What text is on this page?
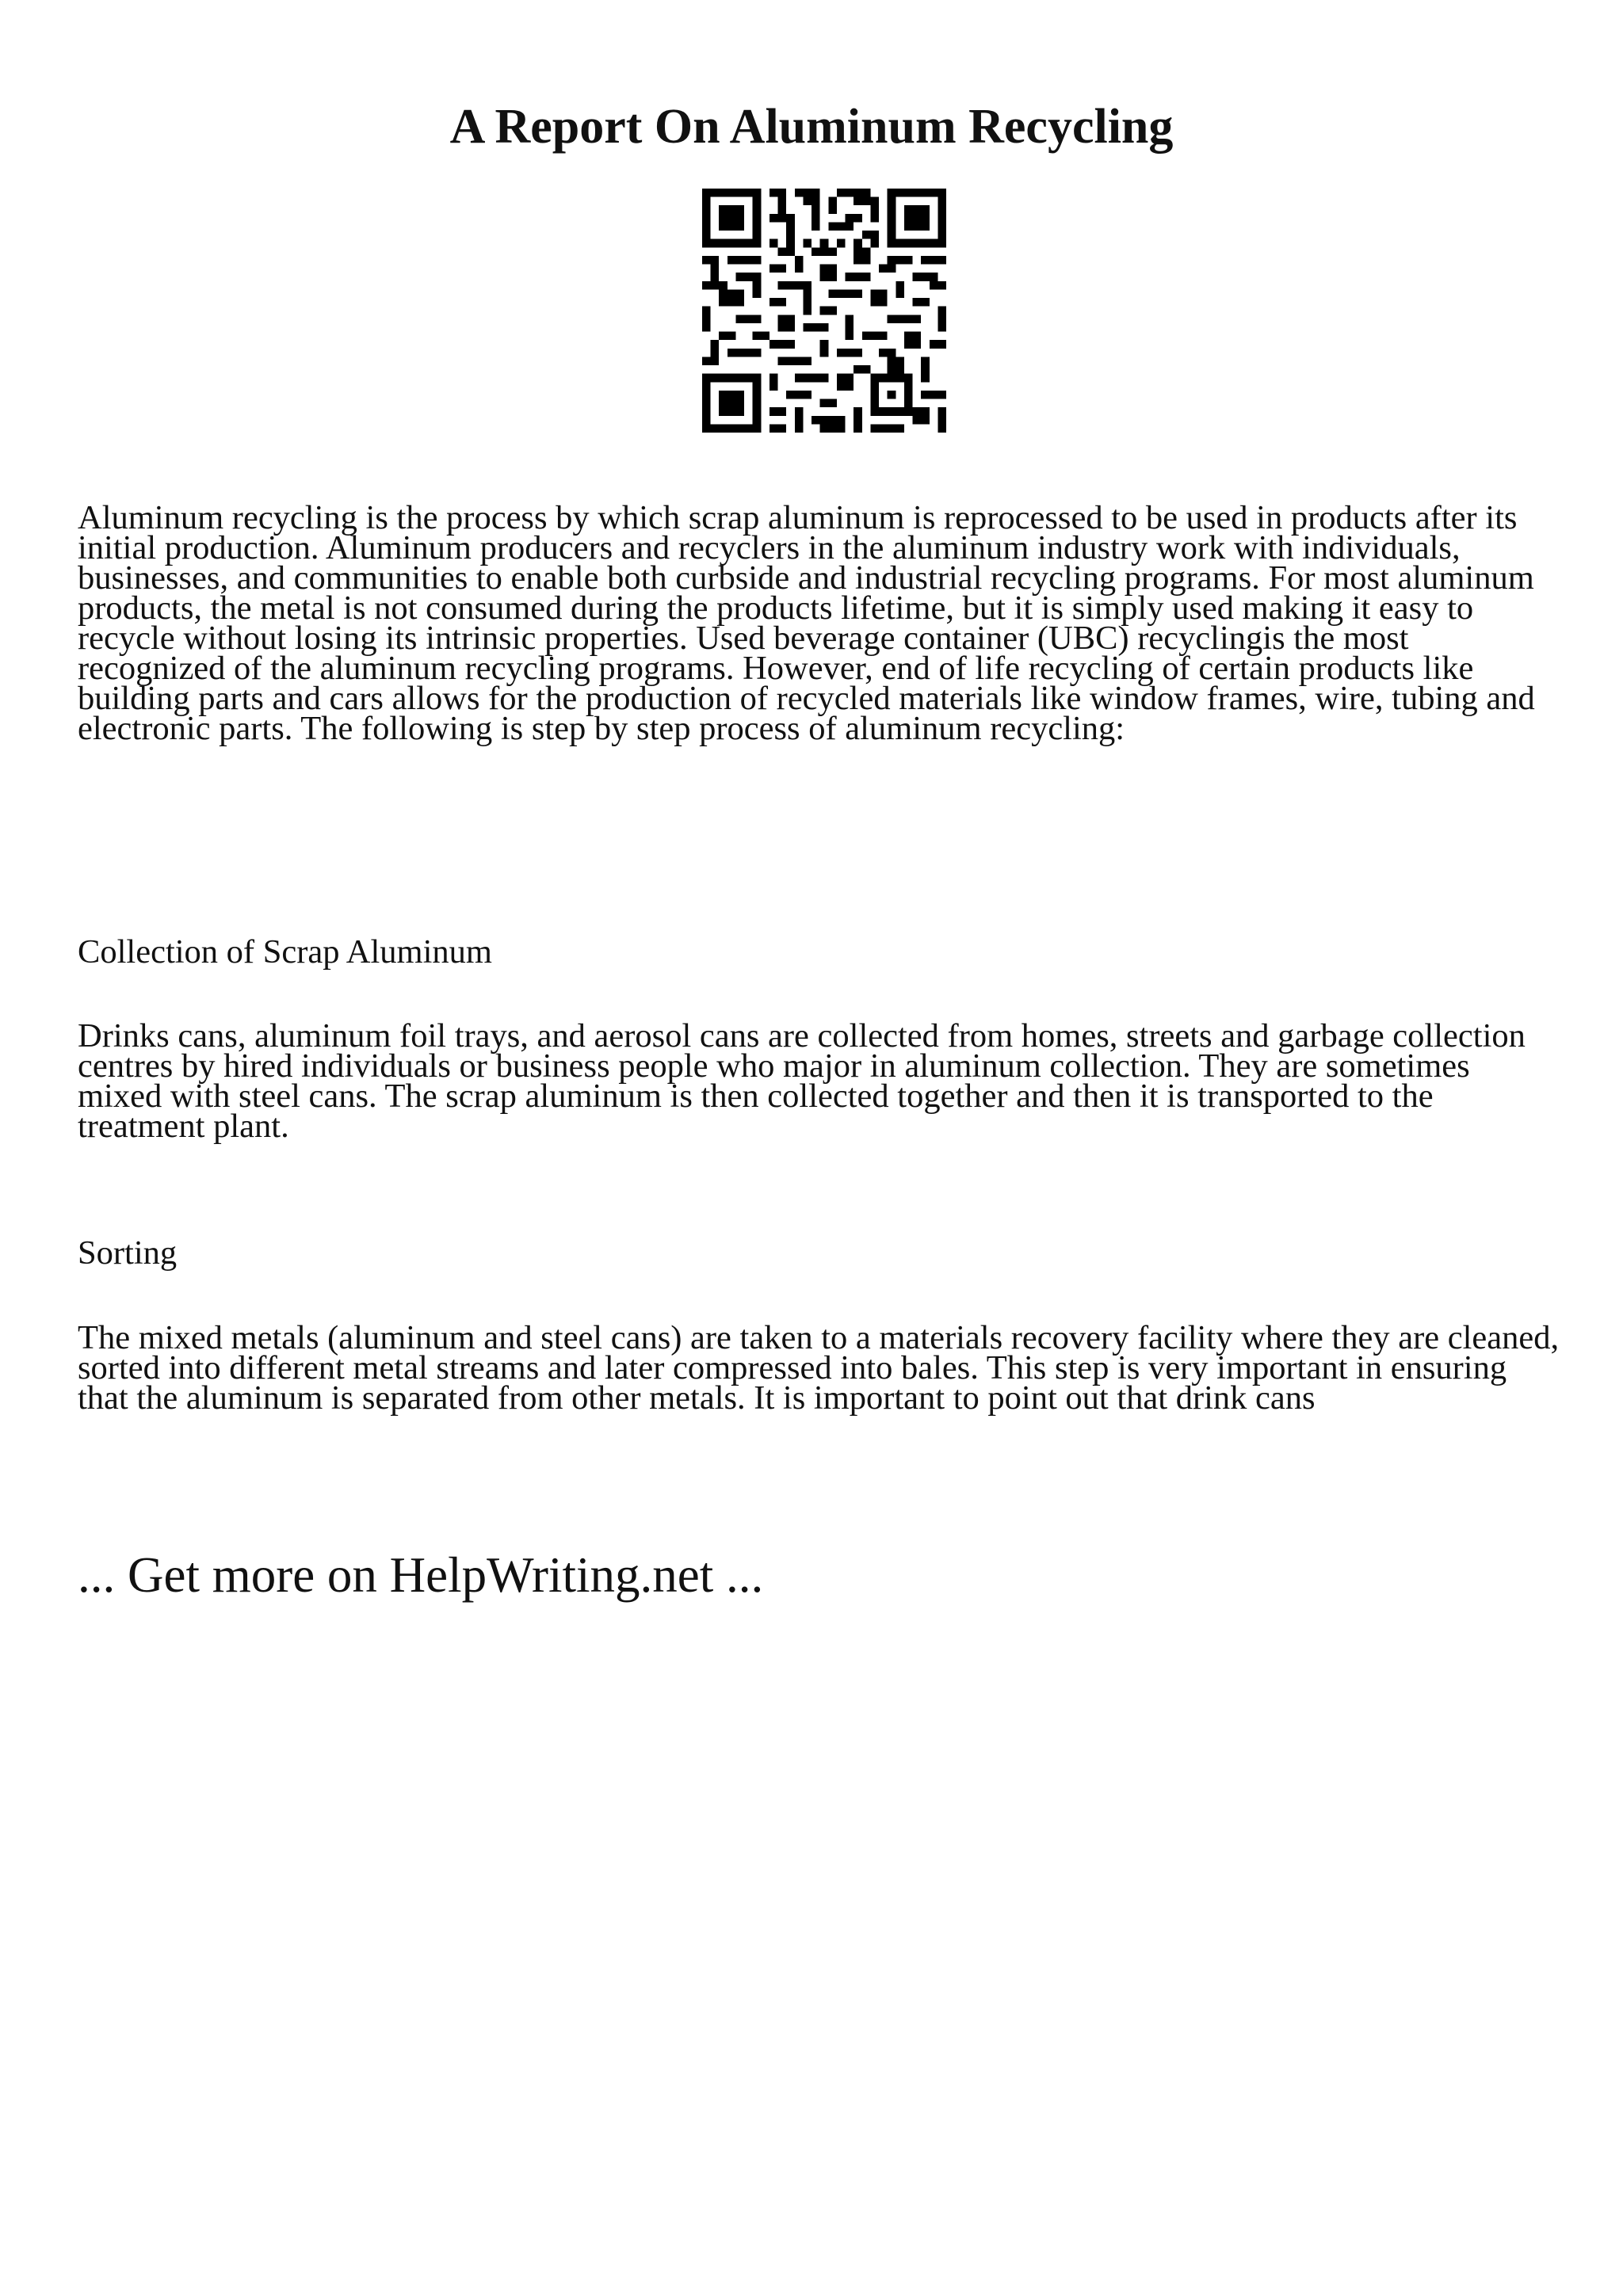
A Report On Aluminum Recycling

Aluminum recycling is the process by which scrap aluminum is reprocessed to be used in products after its initial production. Aluminum producers and recyclers in the aluminum industry work with individuals, businesses, and communities to enable both curbside and industrial recycling programs. For most aluminum products, the metal is not consumed during the products lifetime, but it is simply used making it easy to recycle without losing its intrinsic properties. Used beverage container (UBC) recyclingis the most recognized of the aluminum recycling programs. However, end of life recycling of certain products like building parts and cars allows for the production of recycled materials like window frames, wire, tubing and electronic parts. The following is step by step process of aluminum recycling:

Collection of Scrap Aluminum

Drinks cans, aluminum foil trays, and aerosol cans are collected from homes, streets and garbage collection centres by hired individuals or business people who major in aluminum collection. They are sometimes mixed with steel cans. The scrap aluminum is then collected together and then it is transported to the treatment plant.

Sorting

The mixed metals (aluminum and steel cans) are taken to a materials recovery facility where they are cleaned, sorted into different metal streams and later compressed into bales. This step is very important in ensuring that the aluminum is separated from other metals. It is important to point out that drink cans

... Get more on HelpWriting.net ...
